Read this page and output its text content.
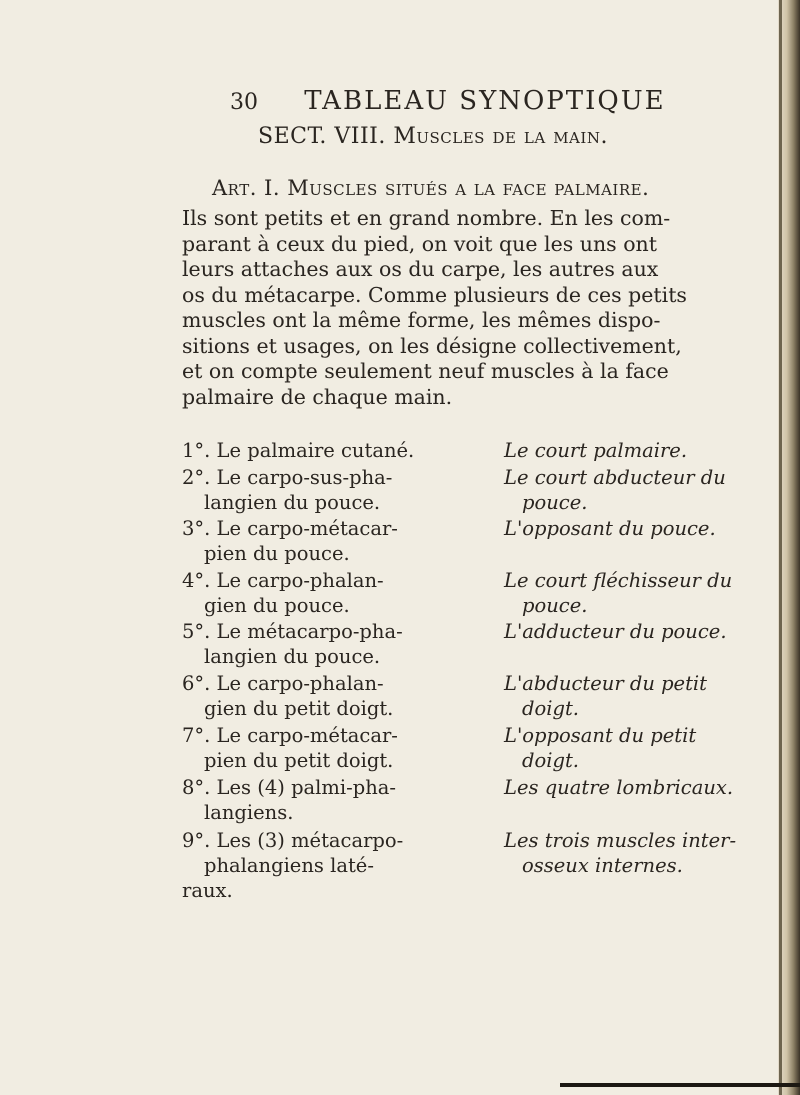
30 TABLEAU SYNOPTIQUE
SECT. VIII. Muscles de la main.
Art. I. Muscles situés a la face palmaire.

Ils sont petits et en grand nombre. En les com-

parant à ceux du pied, on voit que les uns ont

leurs attaches aux os du carpe, les autres aux

os du métacarpe. Comme plusieurs de ces petits

muscles ont la même forme, les mêmes dispo-

sitions et usages, on les désigne collectivement,

et on compte seulement neuf muscles à la face

palmaire de chaque main.

1°. Le palmaire cutané.	Le court palmaire.
2°. Le carpo-sus-pha-
langien du pouce.
Le court abducteur du
pouce.
3°. Le carpo-métacar-
pien du pouce.
L'opposant du pouce.
4°. Le carpo-phalan-
gien du pouce.
Le court fléchisseur du
pouce.
5°. Le métacarpo-pha-
langien du pouce.
L'adducteur du pouce.
6°. Le carpo-phalan-
gien du petit doigt.
L'abducteur du petit
doigt.
7°. Le carpo-métacar-
pien du petit doigt.
L'opposant du petit
doigt.
8°. Les (4) palmi-pha-
langiens.
Les quatre lombricaux.
9°. Les (3) métacarpo-
phalangiens laté-
raux.
Les trois muscles inter-
osseux internes.
